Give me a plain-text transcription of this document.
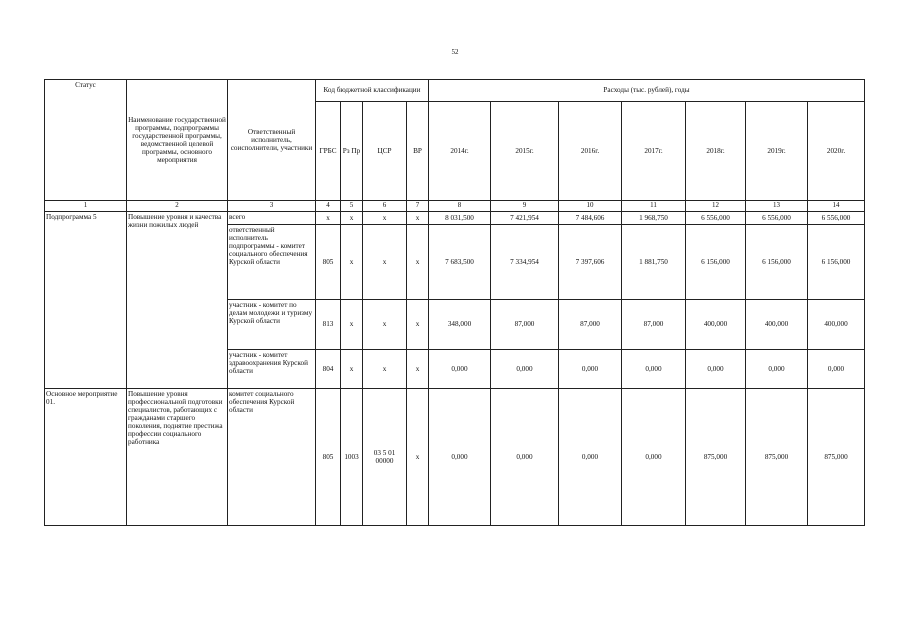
52
Статус	Наименование государственной программы, подпрограммы государственной программы, ведомственной целевой программы, основного мероприятия	Ответственный исполнитель, соисполнители, участники	Код бюджетной классификации				Расходы (тыс. рублей), годы						
			ГРБС	Рз Пр	ЦСР	ВР	2014г.	2015г.	2016г.	2017г.	2018г.	2019г.	2020г.
1	2	3	4	5	6	7	8	9	10	11	12	13	14
Подпрограмма 5	Повышение уровня и качества жизни пожилых людей	всего	х	х	х	х	8 031,500	7 421,954	7 484,606	1 968,750	6 556,000	6 556,000	6 556,000
		ответственный исполнитель подпрограммы - комитет социального обеспечения Курской области	805	х	х	х	7 683,500	7 334,954	7 397,606	1 881,750	6 156,000	6 156,000	6 156,000
		участник - комитет по делам молодежи и туризму Курской области	813	х	х	х	348,000	87,000	87,000	87,000	400,000	400,000	400,000
		участник - комитет здравоохранения Курской области	804	х	х	х	0,000	0,000	0,000	0,000	0,000	0,000	0,000
Основное мероприятие 01.	Повышение уровня профессиональной подготовки специалистов, работающих с гражданами старшего поколения, поднятие престижа профессии социального работника	комитет социального обеспечения Курской области	805	1003	03 5 01 00000	х	0,000	0,000	0,000	0,000	875,000	875,000	875,000
